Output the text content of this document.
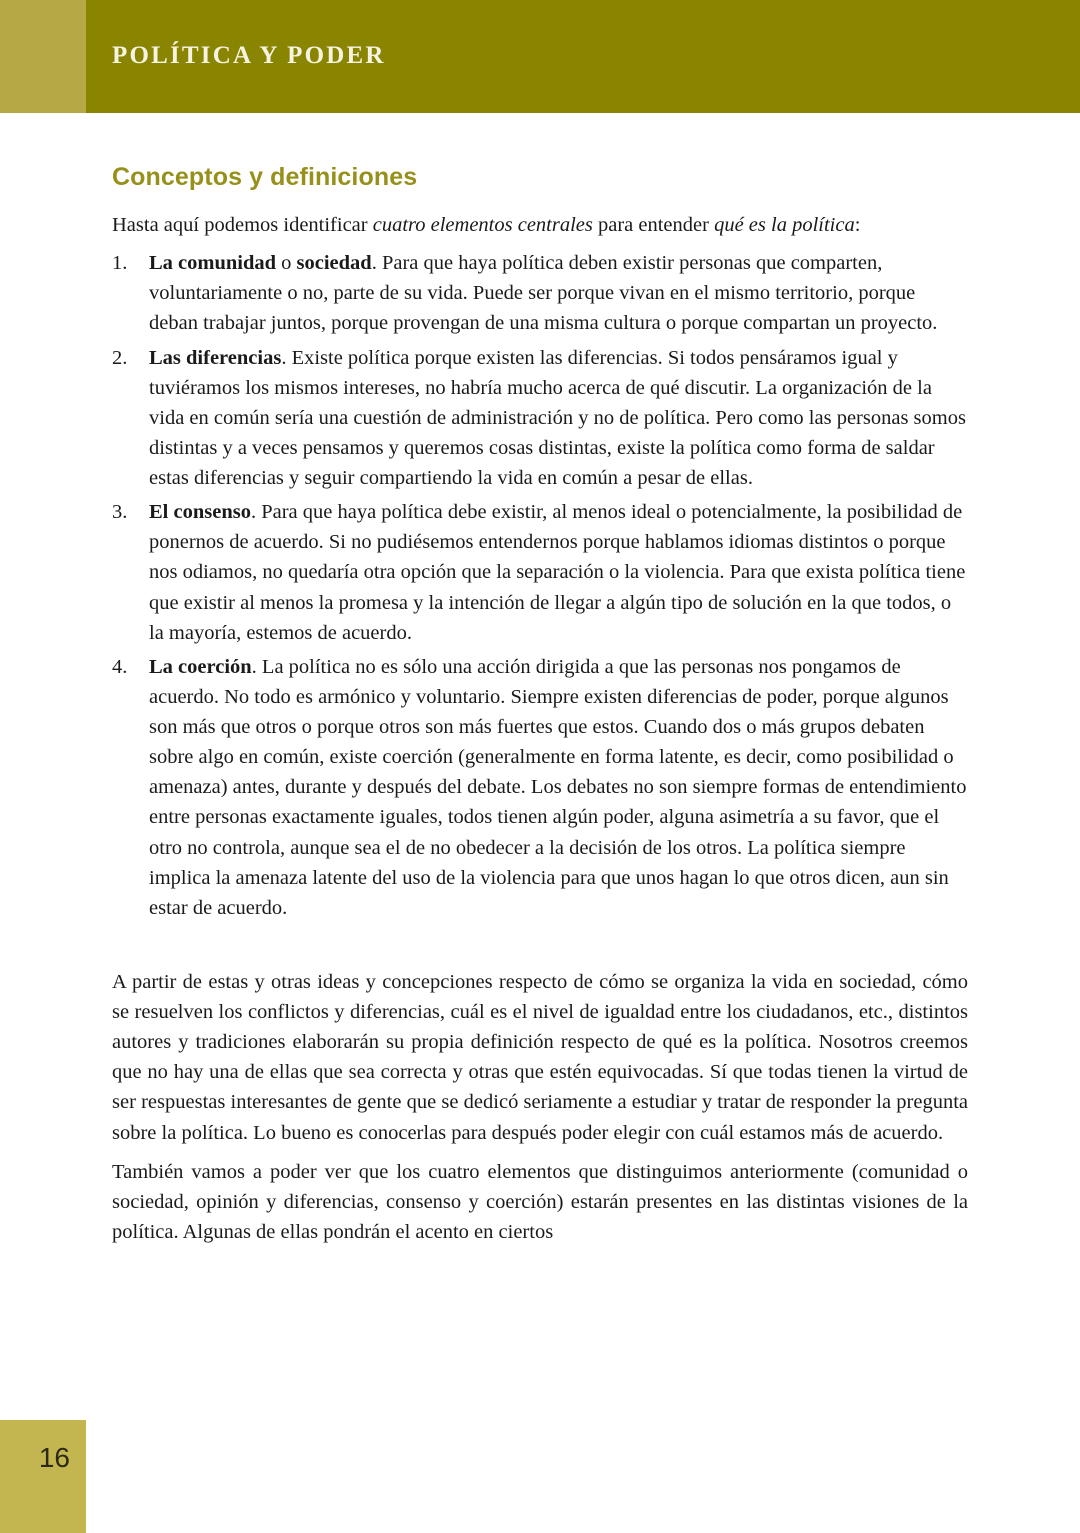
POLÍTICA Y PODER
Conceptos y definiciones

Hasta aquí podemos identificar cuatro elementos centrales para entender qué es la política:

1.	La comunidad o sociedad. Para que haya política deben existir personas que comparten, voluntariamente o no, parte de su vida. Puede ser porque vivan en el mismo territorio, porque deban trabajar juntos, porque provengan de una misma cultura o porque compartan un proyecto.
2.	Las diferencias. Existe política porque existen las diferencias. Si todos pensáramos igual y tuviéramos los mismos intereses, no habría mucho acerca de qué discutir. La organización de la vida en común sería una cuestión de administración y no de política. Pero como las personas somos distintas y a veces pensamos y queremos cosas distintas, existe la política como forma de saldar estas diferencias y seguir compartiendo la vida en común a pesar de ellas.
3.	El consenso. Para que haya política debe existir, al menos ideal o potencialmente, la posibilidad de ponernos de acuerdo. Si no pudiésemos entendernos porque hablamos idiomas distintos o porque nos odiamos, no quedaría otra opción que la separación o la violencia. Para que exista política tiene que existir al menos la promesa y la intención de llegar a algún tipo de solución en la que todos, o la mayoría, estemos de acuerdo.
4.	La coerción. La política no es sólo una acción dirigida a que las personas nos pongamos de acuerdo. No todo es armónico y voluntario. Siempre existen diferencias de poder, porque algunos son más que otros o porque otros son más fuertes que estos. Cuando dos o más grupos debaten sobre algo en común, existe coerción (generalmente en forma latente, es decir, como posibilidad o amenaza) antes, durante y después del debate. Los debates no son siempre formas de entendimiento entre personas exactamente iguales, todos tienen algún poder, alguna asimetría a su favor, que el otro no controla, aunque sea el de no obedecer a la decisión de los otros. La política siempre implica la amenaza latente del uso de la violencia para que unos hagan lo que otros dicen, aun sin estar de acuerdo.

A partir de estas y otras ideas y concepciones respecto de cómo se organiza la vida en sociedad, cómo se resuelven los conflictos y diferencias, cuál es el nivel de igualdad entre los ciudadanos, etc., distintos autores y tradiciones elaborarán su propia definición respecto de qué es la política. Nosotros creemos que no hay una de ellas que sea correcta y otras que estén equivocadas. Sí que todas tienen la virtud de ser respuestas interesantes de gente que se dedicó seriamente a estudiar y tratar de responder la pregunta sobre la política. Lo bueno es conocerlas para después poder elegir con cuál estamos más de acuerdo.

También vamos a poder ver que los cuatro elementos que distinguimos anteriormente (comunidad o sociedad, opinión y diferencias, consenso y coerción) estarán presentes en las distintas visiones de la política. Algunas de ellas pondrán el acento en ciertos

16
